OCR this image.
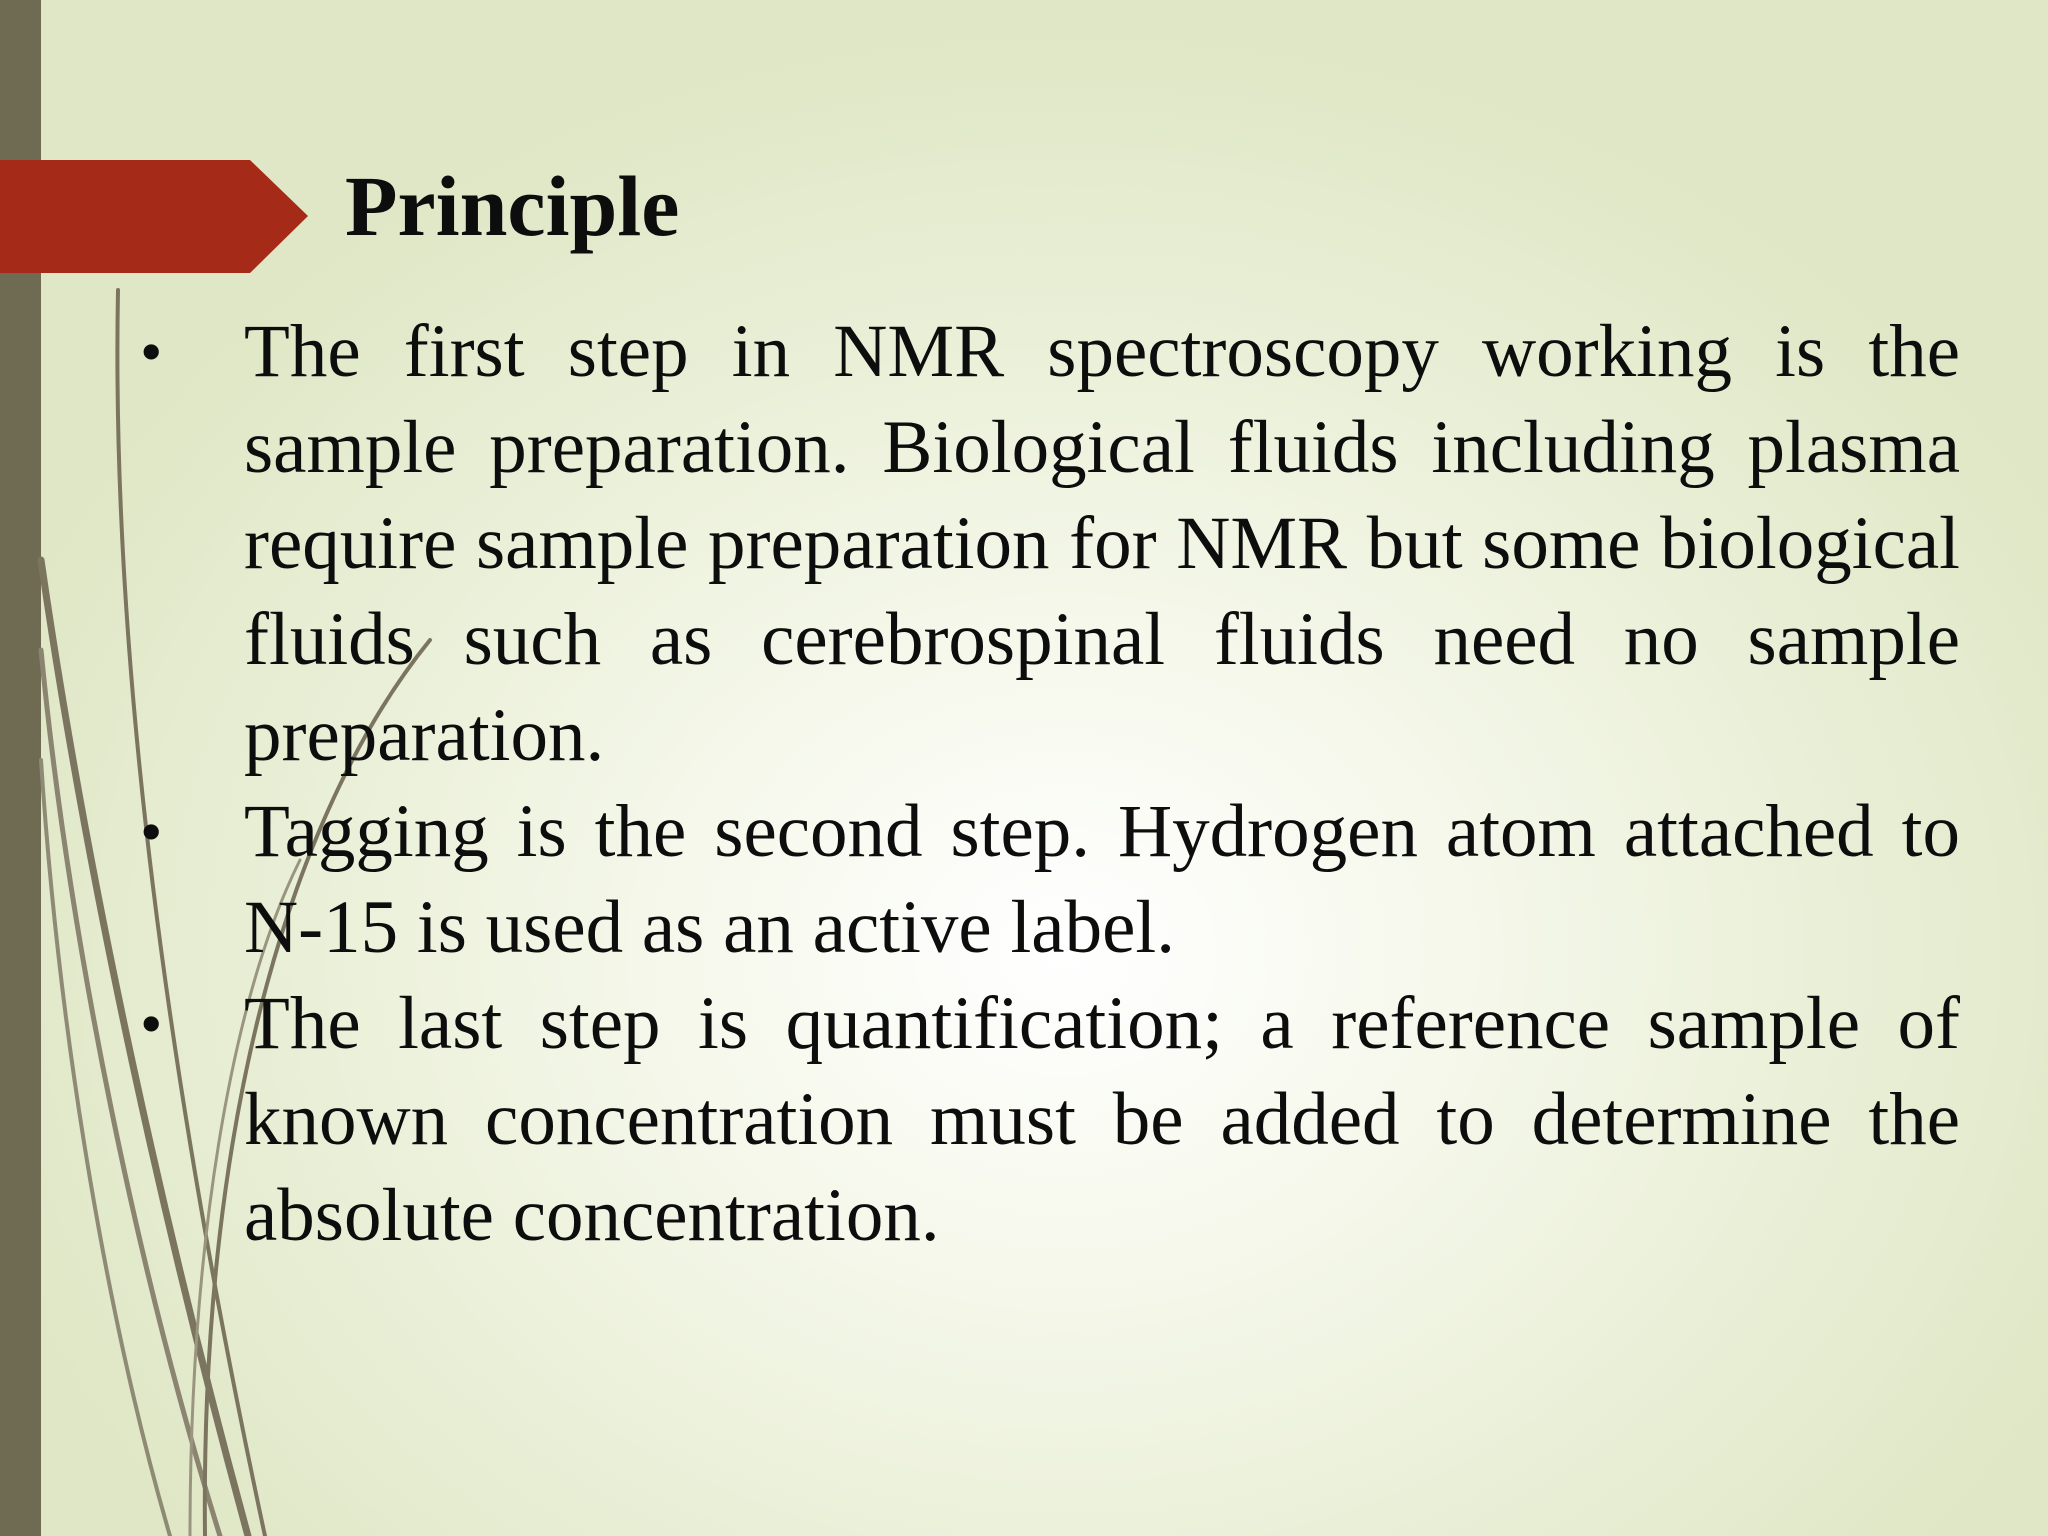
Principle
• The first step in NMR spectroscopy working is the sample preparation. Biological fluids including plasma require sample preparation for NMR but some biological fluids such as cerebrospinal fluids need no sample preparation.
• Tagging is the second step. Hydrogen atom attached to N-15 is used as an active label.
• The last step is quantification; a reference sample of known concentration must be added to determine the absolute concentration.
